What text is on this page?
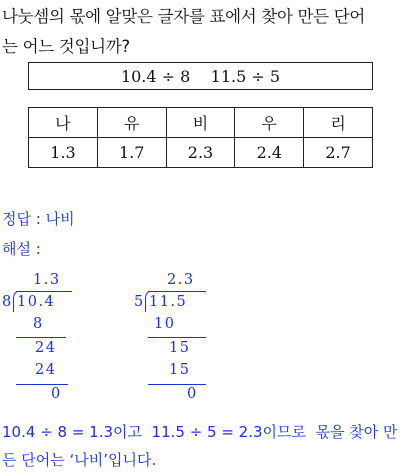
나눗셈의 몫에 알맞은 글자를 표에서 찾아 만든 단어
는 어느 것입니까?
10.4 ÷ 8
11.5 ÷ 5
나	유	비	우	리
1.3	1.7	2.3	2.4	2.7
정답 : 나비
해설 :
1.3
8 10.4
8
24
24
0
2.3
5 11.5
10
15
15
0
10.4 ÷ 8 = 1.3이고  11.5 ÷ 5 = 2.3이므로  몫을 찾아 만
든 단어는 ‘나비’입니다.
